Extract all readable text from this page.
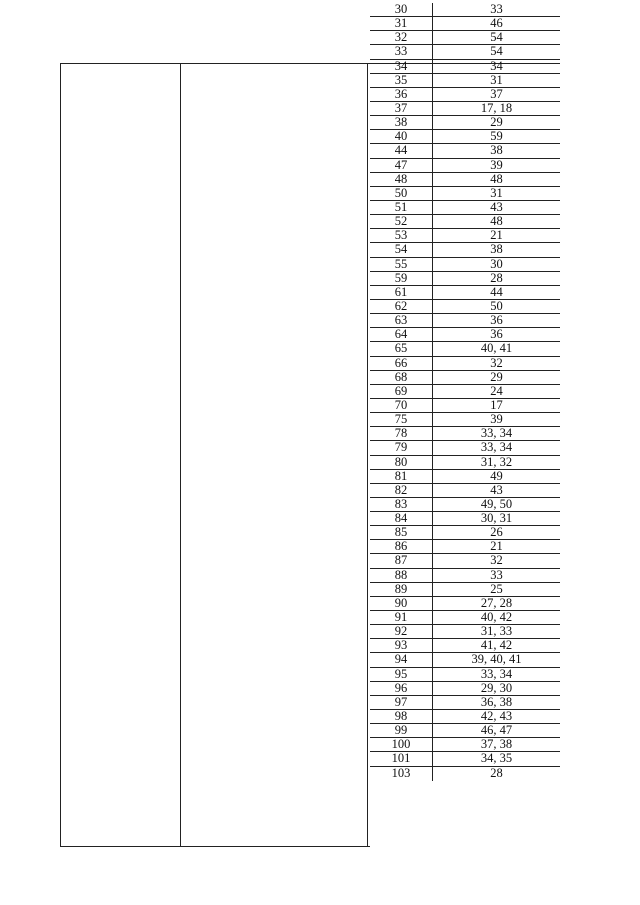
30	33
31	46
32	54
33	54
34	34
35	31
36	37
37	17, 18
38	29
40	59
44	38
47	39
48	48
50	31
51	43
52	48
53	21
54	38
55	30
59	28
61	44
62	50
63	36
64	36
65	40, 41
66	32
68	29
69	24
70	17
75	39
78	33, 34
79	33, 34
80	31, 32
81	49
82	43
83	49, 50
84	30, 31
85	26
86	21
87	32
88	33
89	25
90	27, 28
91	40, 42
92	31, 33
93	41, 42
94	39, 40, 41
95	33, 34
96	29, 30
97	36, 38
98	42, 43
99	46, 47
100	37, 38
101	34, 35
103	28
